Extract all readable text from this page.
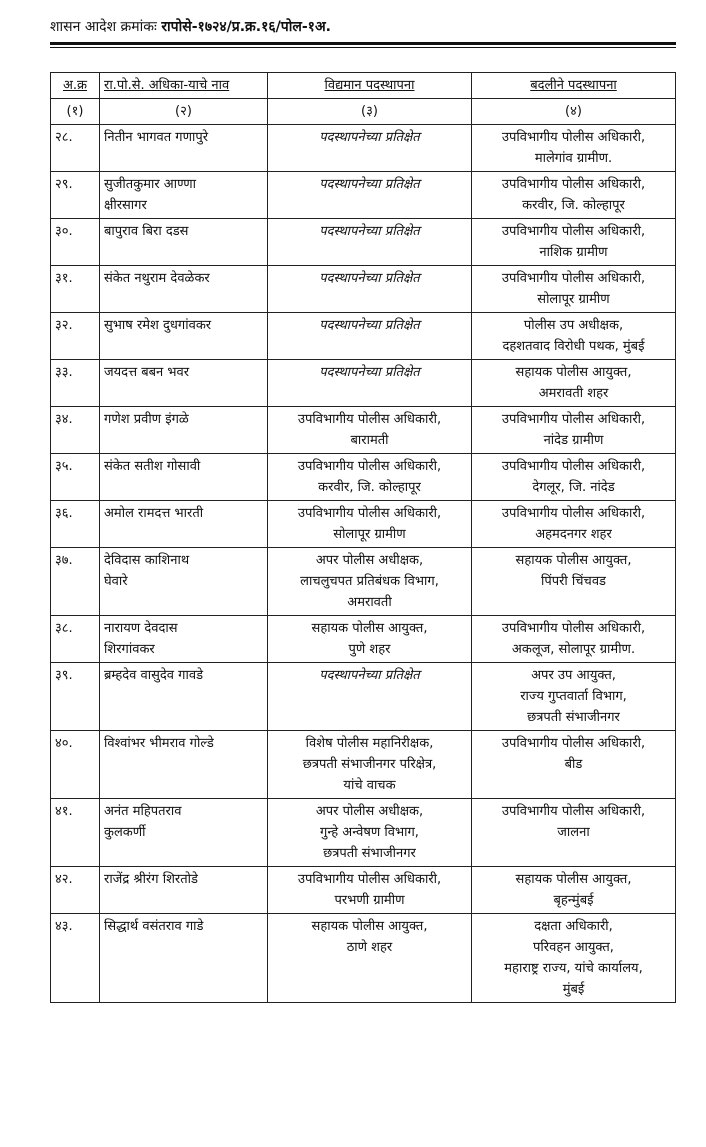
शासन आदेश क्रमांकः रापोसे-१७२४/प्र.क्र.१६/पोल-१अ.
अ.क्र	रा.पो.से. अधिका-याचे नाव	विद्यमान पदस्थापना	बदलीने पदस्थापना
(१)	(२)	(३)	(४)
२८.	नितीन भागवत गणापुरे	पदस्थापनेच्या प्रतिक्षेत	उपविभागीय पोलीस अधिकारी,
मालेगांव ग्रामीण.

२९.	सुजीतकुमार आण्णा
क्षीरसागर	पदस्थापनेच्या प्रतिक्षेत	उपविभागीय पोलीस अधिकारी,
करवीर, जि. कोल्हापूर

३०.	बापुराव बिरा दडस	पदस्थापनेच्या प्रतिक्षेत	उपविभागीय पोलीस अधिकारी,
नाशिक ग्रामीण

३१.	संकेत नथुराम देवळेकर	पदस्थापनेच्या प्रतिक्षेत	उपविभागीय पोलीस अधिकारी,
सोलापूर ग्रामीण

३२.	सुभाष रमेश दुधगांवकर	पदस्थापनेच्या प्रतिक्षेत	पोलीस उप अधीक्षक,
दहशतवाद विरोधी पथक, मुंबई

३३.	जयदत्त बबन भवर	पदस्थापनेच्या प्रतिक्षेत	सहायक पोलीस आयुक्त,
अमरावती शहर

३४.	गणेश प्रवीण इंगळे	उपविभागीय पोलीस अधिकारी,
बारामती	उपविभागीय पोलीस अधिकारी,
नांदेड ग्रामीण

३५.	संकेत सतीश गोसावी	उपविभागीय पोलीस अधिकारी,
करवीर, जि. कोल्हापूर	उपविभागीय पोलीस अधिकारी,
देगलूर, जि. नांदेड

३६.	अमोल रामदत्त भारती	उपविभागीय पोलीस अधिकारी,
सोलापूर ग्रामीण	उपविभागीय पोलीस अधिकारी,
अहमदनगर शहर

३७.	देविदास काशिनाथ
घेवारे	अपर पोलीस अधीक्षक,
लाचलुचपत प्रतिबंधक विभाग,
अमरावती	सहायक पोलीस आयुक्त,
पिंपरी चिंचवड

३८.	नारायण देवदास
शिरगांवकर	सहायक पोलीस आयुक्त,
पुणे शहर	उपविभागीय पोलीस अधिकारी,
अकलूज, सोलापूर ग्रामीण.

३९.	ब्रम्हदेव वासुदेव गावडे	पदस्थापनेच्या प्रतिक्षेत	अपर उप आयुक्त,
राज्य गुप्तवार्ता विभाग,
छत्रपती संभाजीनगर

४०.	विश्वांभर भीमराव गोल्डे	विशेष पोलीस महानिरीक्षक,
छत्रपती संभाजीनगर परिक्षेत्र,
यांचे वाचक	उपविभागीय पोलीस अधिकारी,
बीड

४१.	अनंत महिपतराव
कुलकर्णी	अपर पोलीस अधीक्षक,
गुन्हे अन्वेषण विभाग,
छत्रपती संभाजीनगर	उपविभागीय पोलीस अधिकारी,
जालना

४२.	राजेंद्र श्रीरंग शिरतोडे	उपविभागीय पोलीस अधिकारी,
परभणी ग्रामीण	सहायक पोलीस आयुक्त,
बृहन्मुंबई

४३.	सिद्धार्थ वसंतराव गाडे	सहायक पोलीस आयुक्त,
ठाणे शहर	दक्षता अधिकारी,
परिवहन आयुक्त,
महाराष्ट्र राज्य, यांचे कार्यालय,
मुंबई
